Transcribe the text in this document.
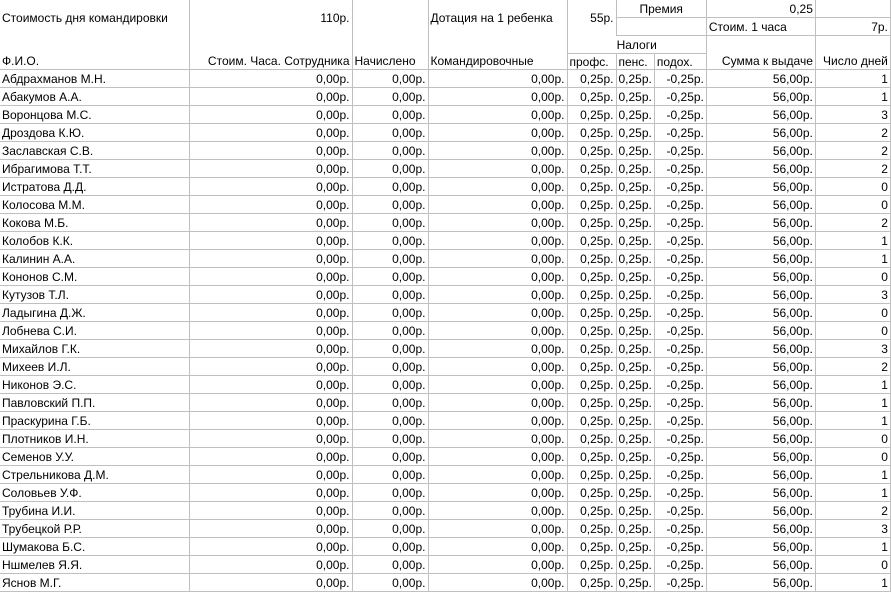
Стоимость дня командировки	110р.		Дотация на 1 ребенка	55р.	Премия		0,25	
							Стоим. 1 часа	7р.
Ф.И.О.	Стоим. Часа. Сотрудника	Начислено	Командировочные	Налоги			Сумма к выдаче	Число дней
				профс.	пенс.	подох.		
Абдрахманов М.Н.	0,00р.	0,00р.	0,00р.	0,25р.	0,25р.	-0,25р.	56,00р.	1
Абакумов А.А.	0,00р.	0,00р.	0,00р.	0,25р.	0,25р.	-0,25р.	56,00р.	1
Воронцова М.С.	0,00р.	0,00р.	0,00р.	0,25р.	0,25р.	-0,25р.	56,00р.	3
Дроздова К.Ю.	0,00р.	0,00р.	0,00р.	0,25р.	0,25р.	-0,25р.	56,00р.	2
Заславская С.В.	0,00р.	0,00р.	0,00р.	0,25р.	0,25р.	-0,25р.	56,00р.	2
Ибрагимова Т.Т.	0,00р.	0,00р.	0,00р.	0,25р.	0,25р.	-0,25р.	56,00р.	2
Истратова Д.Д.	0,00р.	0,00р.	0,00р.	0,25р.	0,25р.	-0,25р.	56,00р.	0
Колосова М.М.	0,00р.	0,00р.	0,00р.	0,25р.	0,25р.	-0,25р.	56,00р.	0
Кокова М.Б.	0,00р.	0,00р.	0,00р.	0,25р.	0,25р.	-0,25р.	56,00р.	2
Колобов К.К.	0,00р.	0,00р.	0,00р.	0,25р.	0,25р.	-0,25р.	56,00р.	1
Калинин А.А.	0,00р.	0,00р.	0,00р.	0,25р.	0,25р.	-0,25р.	56,00р.	1
Кононов С.М.	0,00р.	0,00р.	0,00р.	0,25р.	0,25р.	-0,25р.	56,00р.	0
Кутузов Т.Л.	0,00р.	0,00р.	0,00р.	0,25р.	0,25р.	-0,25р.	56,00р.	3
Ладыгина Д.Ж.	0,00р.	0,00р.	0,00р.	0,25р.	0,25р.	-0,25р.	56,00р.	0
Лобнева С.И.	0,00р.	0,00р.	0,00р.	0,25р.	0,25р.	-0,25р.	56,00р.	0
Михайлов Г.К.	0,00р.	0,00р.	0,00р.	0,25р.	0,25р.	-0,25р.	56,00р.	3
Михеев И.Л.	0,00р.	0,00р.	0,00р.	0,25р.	0,25р.	-0,25р.	56,00р.	2
Никонов Э.С.	0,00р.	0,00р.	0,00р.	0,25р.	0,25р.	-0,25р.	56,00р.	1
Павловский П.П.	0,00р.	0,00р.	0,00р.	0,25р.	0,25р.	-0,25р.	56,00р.	1
Праскурина Г.Б.	0,00р.	0,00р.	0,00р.	0,25р.	0,25р.	-0,25р.	56,00р.	1
Плотников И.Н.	0,00р.	0,00р.	0,00р.	0,25р.	0,25р.	-0,25р.	56,00р.	0
Семенов У.У.	0,00р.	0,00р.	0,00р.	0,25р.	0,25р.	-0,25р.	56,00р.	0
Стрельникова Д.М.	0,00р.	0,00р.	0,00р.	0,25р.	0,25р.	-0,25р.	56,00р.	1
Соловьев У.Ф.	0,00р.	0,00р.	0,00р.	0,25р.	0,25р.	-0,25р.	56,00р.	1
Трубина И.И.	0,00р.	0,00р.	0,00р.	0,25р.	0,25р.	-0,25р.	56,00р.	2
Трубецкой Р.Р.	0,00р.	0,00р.	0,00р.	0,25р.	0,25р.	-0,25р.	56,00р.	3
Шумакова Б.С.	0,00р.	0,00р.	0,00р.	0,25р.	0,25р.	-0,25р.	56,00р.	1
Ншмелев Я.Я.	0,00р.	0,00р.	0,00р.	0,25р.	0,25р.	-0,25р.	56,00р.	0
Яснов М.Г.	0,00р.	0,00р.	0,00р.	0,25р.	0,25р.	-0,25р.	56,00р.	1
